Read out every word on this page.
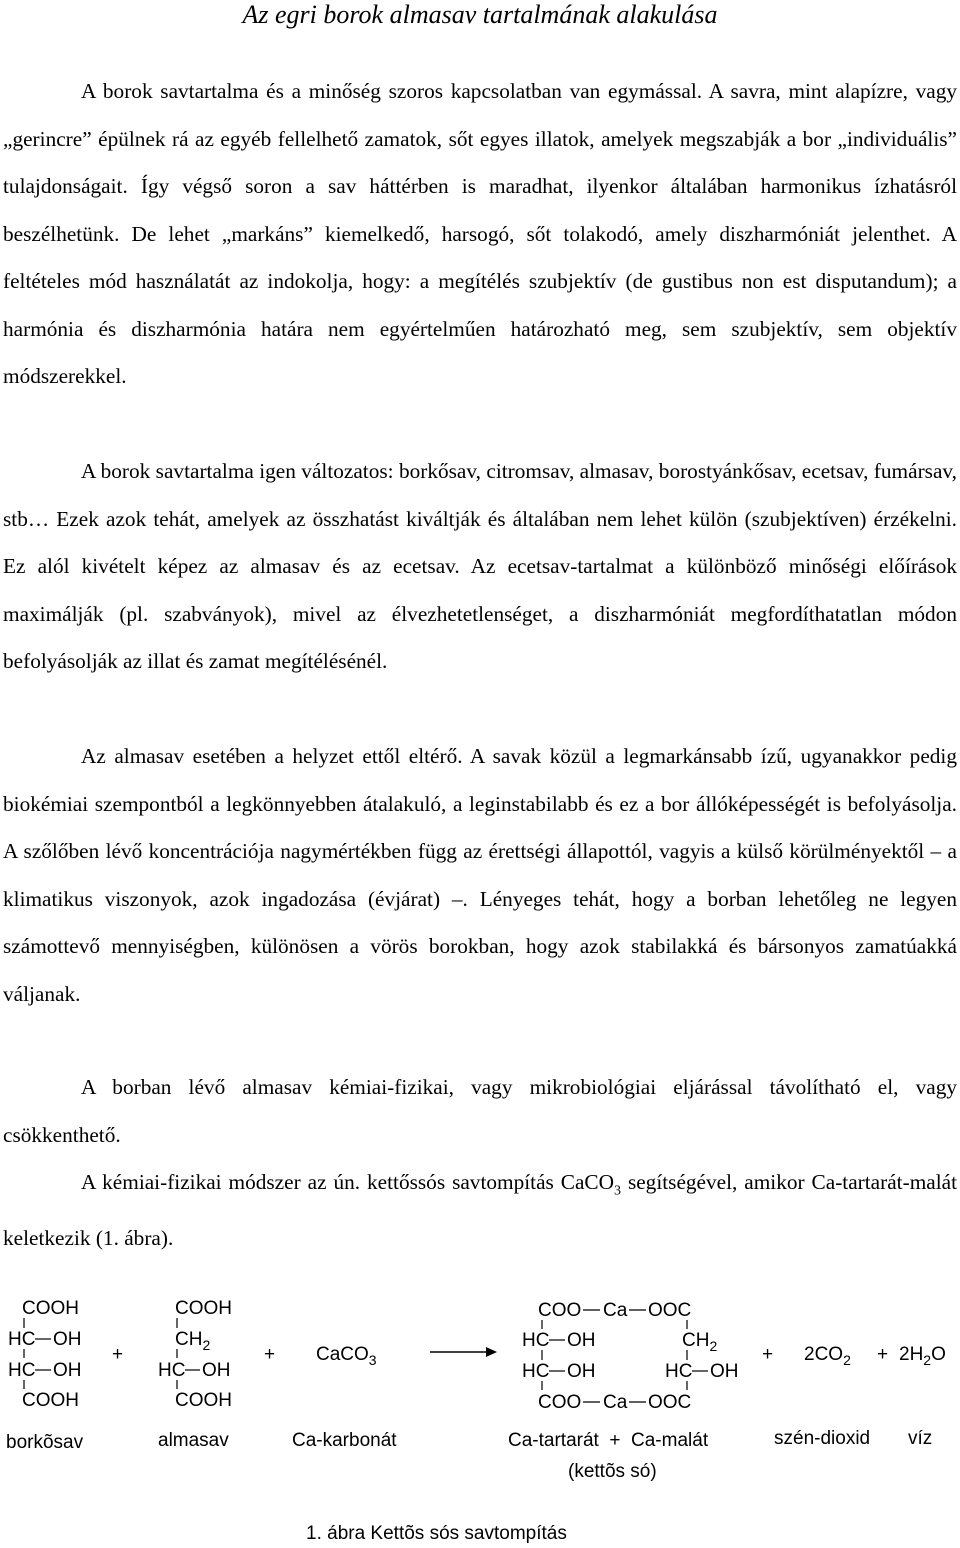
Az egri borok almasav tartalmának alakulása

A borok savtartalma és a minőség szoros kapcsolatban van egymással. A savra, mint alapízre, vagy „gerincre” épülnek rá az egyéb fellelhető zamatok, sőt egyes illatok, amelyek megszabják a bor „individuális” tulajdonságait. Így végső soron a sav háttérben is maradhat, ilyenkor általában harmonikus ízhatásról beszélhetünk. De lehet „markáns” kiemelkedő, harsogó, sőt tolakodó, amely diszharmóniát jelenthet. A feltételes mód használatát az indokolja, hogy: a megítélés szubjektív (de gustibus non est disputandum); a harmónia és diszharmónia határa nem egyértelműen határozható meg, sem szubjektív, sem objektív módszerekkel.

A borok savtartalma igen változatos: borkősav, citromsav, almasav, borostyánkősav, ecetsav, fumársav, stb… Ezek azok tehát, amelyek az összhatást kiváltják és általában nem lehet külön (szubjektíven) érzékelni. Ez alól kivételt képez az almasav és az ecetsav. Az ecetsav-tartalmat a különböző minőségi előírások maximálják (pl. szabványok), mivel az élvezhetetlenséget, a diszharmóniát megfordíthatatlan módon befolyásolják az illat és zamat megítélésénél.

Az almasav esetében a helyzet ettől eltérő. A savak közül a legmarkánsabb ízű, ugyanakkor pedig biokémiai szempontból a legkönnyebben átalakuló, a leginstabilabb és ez a bor állóképességét is befolyásolja. A szőlőben lévő koncentrációja nagymértékben függ az érettségi állapottól, vagyis a külső körülményektől – a klimatikus viszonyok, azok ingadozása (évjárat) –. Lényeges tehát, hogy a borban lehetőleg ne legyen számottevő mennyiségben, különösen a vörös borokban, hogy azok stabilakká és bársonyos zamatúakká váljanak.

A borban lévő almasav kémiai-fizikai, vagy mikrobiológiai eljárással távolítható el, vagy csökkenthető.

A kémiai-fizikai módszer az ún. kettőssós savtompítás CaCO$_3$ segítségével, amikor Ca-tartarát-malát keletkezik (1. ábra).

COOH
HC OH
HC OH
COOH
+
COOH
$CH_2$
HC OH
COOH
+ CaCO$_3$
COO Ca OOC
HC OH	$CH_2$
HC OH	HC OH
COO Ca OOC
+ $2CO_2 + 2H_2O$
borkõsav	almasav	Ca-karbonát	Ca-tartarát  +  Ca-malát
(kettõs só)
szén-dioxid víz
1. ábra Kettõs sós savtompítás
